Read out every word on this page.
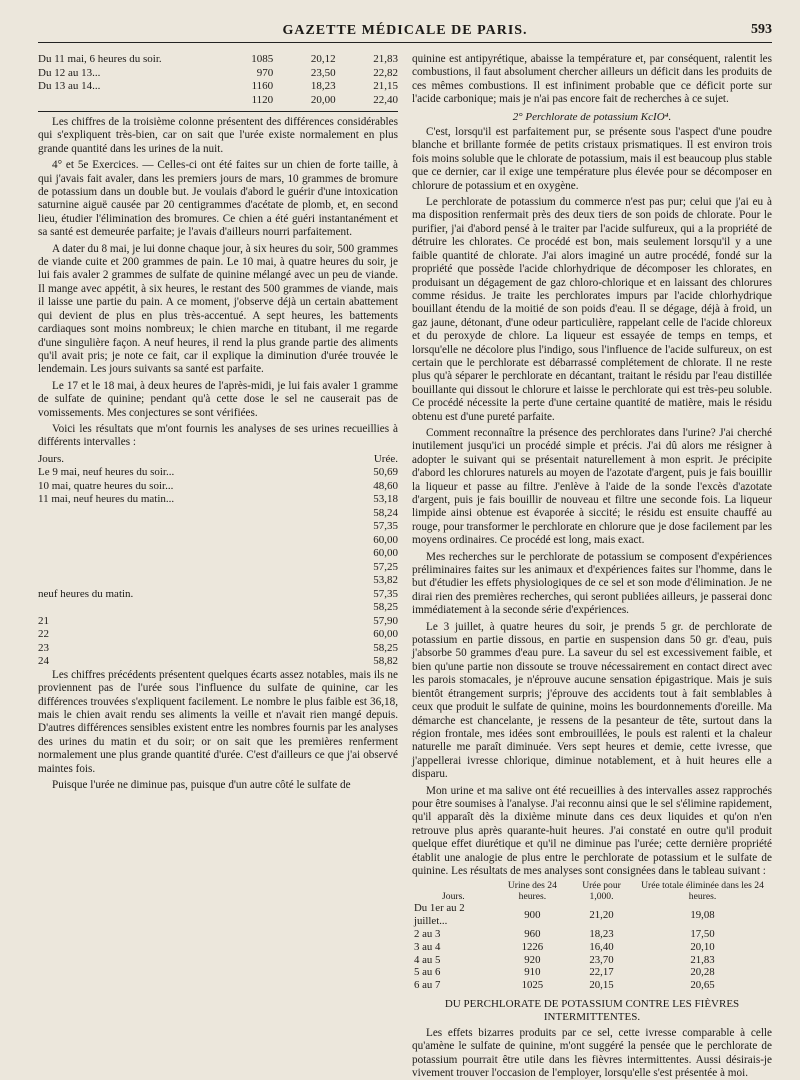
GAZETTE MÉDICALE DE PARIS.	593
Du 11 mai, 6 heures du soir.	1085	20,12	21,83
Du 12 au 13...	970	23,50	22,82
Du 13 au 14...	1160	18,23	21,15
1120	20,00	22,40

Les chiffres de la troisième colonne présentent des différences considérables qui s'expliquent très-bien, car on sait que l'urée existe normalement en plus grande quantité dans les urines de la nuit.

4° et 5e Exercices. — Celles-ci ont été faites sur un chien de forte taille, à qui j'avais fait avaler, dans les premiers jours de mars, 10 grammes de bromure de potassium dans un double but. Je voulais d'abord le guérir d'une intoxication saturnine aiguë causée par 20 centigrammes d'acétate de plomb, et, en second lieu, étudier l'élimination des bromures. Ce chien a été guéri instantanément et sa santé est demeurée parfaite; je l'avais d'ailleurs nourri parfaitement.

A dater du 8 mai, je lui donne chaque jour, à six heures du soir, 500 grammes de viande cuite et 200 grammes de pain. Le 10 mai, à quatre heures du soir, je lui fais avaler 2 grammes de sulfate de quinine mélangé avec un peu de viande. Il mange avec appétit, à six heures, le restant des 500 grammes de viande, mais il laisse une partie du pain. A ce moment, j'observe déjà un certain abattement qui devient de plus en plus très-accentué. A sept heures, les battements cardiaques sont moins nombreux; le chien marche en titubant, il me regarde d'une singulière façon. A neuf heures, il rend la plus grande partie des aliments qu'il avait pris; je note ce fait, car il explique la diminution d'urée trouvée le lendemain. Les jours suivants sa santé est parfaite.

Le 17 et le 18 mai, à deux heures de l'après-midi, je lui fais avaler 1 gramme de sulfate de quinine; pendant qu'à cette dose le sel ne causerait pas de vomissements. Mes conjectures se sont vérifiées.

Voici les résultats que m'ont fournis les analyses de ses urines recueillies à différents intervalles :

Jours.	Urée.
Le 9 mai, neuf heures du soir...	50,69
10 mai, quatre heures du soir...	48,60
11 mai, neuf heures du matin...	53,18
58,24
57,35
60,00
60,00
57,25
53,82
neuf heures du matin.	57,35
58,25
21	57,90
22	60,00
23	58,25
24	58,82

Les chiffres précédents présentent quelques écarts assez notables, mais ils ne proviennent pas de l'urée sous l'influence du sulfate de quinine, car les différences trouvées s'expliquent facilement. Le nombre le plus faible est 36,18, mais le chien avait rendu ses aliments la veille et n'avait rien mangé depuis. D'autres différences sensibles existent entre les nombres fournis par les analyses des urines du matin et du soir; or on sait que les premières renferment normalement une plus grande quantité d'urée. C'est d'ailleurs ce que j'ai observé maintes fois.

Puisque l'urée ne diminue pas, puisque d'un autre côté le sulfate de

quinine est antipyrétique, abaisse la température et, par conséquent, ralentit les combustions, il faut absolument chercher ailleurs un déficit dans les produits de ces mêmes combustions. Il est infiniment probable que ce déficit porte sur l'acide carbonique; mais je n'ai pas encore fait de recherches à ce sujet.

2° Perchlorate de potassium KcIO⁴.

C'est, lorsqu'il est parfaitement pur, se présente sous l'aspect d'une poudre blanche et brillante formée de petits cristaux prismatiques. Il est environ trois fois moins soluble que le chlorate de potassium, mais il est beaucoup plus stable que ce dernier, car il exige une température plus élevée pour se décomposer en chlorure de potassium et en oxygène.

Le perchlorate de potassium du commerce n'est pas pur; celui que j'ai eu à ma disposition renfermait près des deux tiers de son poids de chlorate. Pour le purifier, j'ai d'abord pensé à le traiter par l'acide sulfureux, qui a la propriété de détruire les chlorates. Ce procédé est bon, mais seulement lorsqu'il y a une faible quantité de chlorate. J'ai alors imaginé un autre procédé, fondé sur la propriété que possède l'acide chlorhydrique de décomposer les chlorates, en produisant un dégagement de gaz chloro-chlorique et en laissant des chlorures comme résidus. Je traite les perchlorates impurs par l'acide chlorhydrique bouillant étendu de la moitié de son poids d'eau. Il se dégage, déjà à froid, un gaz jaune, détonant, d'une odeur particulière, rappelant celle de l'acide chloreux et du peroxyde de chlore. La liqueur est essayée de temps en temps, et lorsqu'elle ne décolore plus l'indigo, sous l'influence de l'acide sulfureux, on est certain que le perchlorate est débarrassé complétement de chlorate. Il ne reste plus qu'à séparer le perchlorate en décantant, traitant le résidu par l'eau distillée bouillante qui dissout le chlorure et laisse le perchlorate qui est très-peu soluble. Ce procédé nécessite la perte d'une certaine quantité de matière, mais le résidu obtenu est d'une pureté parfaite.

Comment reconnaître la présence des perchlorates dans l'urine? J'ai cherché inutilement jusqu'ici un procédé simple et précis. J'ai dû alors me résigner à adopter le suivant qui se présentait naturellement à mon esprit. Je précipite d'abord les chlorures naturels au moyen de l'azotate d'argent, puis je fais bouillir la liqueur et passe au filtre. J'enlève à l'aide de la sonde l'excès d'azotate d'argent, puis je fais bouillir de nouveau et filtre une seconde fois. La liqueur limpide ainsi obtenue est évaporée à siccité; le résidu est ensuite chauffé au rouge, pour transformer le perchlorate en chlorure que je dose facilement par les moyens ordinaires. Ce procédé est long, mais exact.

Mes recherches sur le perchlorate de potassium se composent d'expériences préliminaires faites sur les animaux et d'expériences faites sur l'homme, dans le but d'étudier les effets physiologiques de ce sel et son mode d'élimination. Je ne dirai rien des premières recherches, qui seront publiées ailleurs, je passerai donc immédiatement à la seconde série d'expériences.

Le 3 juillet, à quatre heures du soir, je prends 5 gr. de perchlorate de potassium en partie dissous, en partie en suspension dans 50 gr. d'eau, puis j'absorbe 50 grammes d'eau pure. La saveur du sel est excessivement faible, et bien qu'une partie non dissoute se trouve nécessairement en contact direct avec les parois stomacales, je n'éprouve aucune sensation épigastrique. Mais je suis bientôt étrangement surpris; j'éprouve des accidents tout à fait semblables à ceux que produit le sulfate de quinine, moins les bourdonnements d'oreille. Ma démarche est chancelante, je ressens de la pesanteur de tête, surtout dans la région frontale, mes idées sont embrouillées, le pouls est ralenti et la chaleur naturelle me paraît diminuée. Vers sept heures et demie, cette ivresse, que j'appellerai ivresse chlorique, diminue notablement, et à huit heures elle a disparu.

Mon urine et ma salive ont été recueillies à des intervalles assez rapprochés pour être soumises à l'analyse. J'ai reconnu ainsi que le sel s'élimine rapidement, qu'il apparaît dès la dixième minute dans ces deux liquides et qu'on n'en retrouve plus après quarante-huit heures. J'ai constaté en outre qu'il produit quelque effet diurétique et qu'il ne diminue pas l'urée; cette dernière propriété établit une analogie de plus entre le perchlorate de potassium et le sulfate de quinine. Les résultats de mes analyses sont consignées dans le tableau suivant :

Jours.	Urine des 24 heures.	Urée pour 1,000.	Urée totale éliminée dans les 24 heures.
Du 1er au 2 juillet...	900	21,20	19,08
2 au 3	960	18,23	17,50
3 au 4	1226	16,40	20,10
4 au 5	920	23,70	21,83
5 au 6	910	22,17	20,28
6 au 7	1025	20,15	20,65
DU PERCHLORATE DE POTASSIUM CONTRE LES FIÈVRES INTERMITTENTES.

Les effets bizarres produits par ce sel, cette ivresse comparable à celle qu'amène le sulfate de quinine, m'ont suggéré la pensée que le perchlorate de potassium pourrait être utile dans les fièvres intermittentes. Aussi désirais-je vivement trouver l'occasion de l'employer, lorsqu'elle s'est présentée à moi.
